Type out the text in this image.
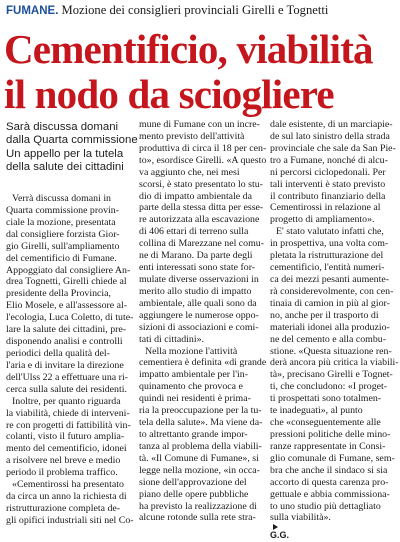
FUMANE. Mozione dei consiglieri provinciali Girelli e Tognetti
Cementificio, viabilità
il nodo da sciogliere
Sarà discussa domani
dalla Quarta commissione
Un appello per la tutela
della salute dei cittadini
Verrà discussa domani in
Quarta commissione provin-
ciale la mozione, presentata
dal consigliere forzista Gior-
gio Girelli, sull'ampliamento
del cementificio di Fumane.
Appoggiato dal consigliere An-
drea Tognetti, Girelli chiede al
presidente della Provincia,
Elio Mosele, e all'assessore al-
l'ecologia, Luca Coletto, di tute-
lare la salute dei cittadini, pre-
disponendo analisi e controlli
periodici della qualità del-
l'aria e di invitare la direzione
dell'Ulss 22 a effettuare una ri-
cerca sulla salute dei residenti.
Inoltre, per quanto riguarda
la viabilità, chiede di interveni-
re con progetti di fattibilità vin-
colanti, visto il futuro amplia-
mento del cementificio, idonei
a risolvere nel breve e medio
periodo il problema traffico.
«Cementirossi ha presentato
da circa un anno la richiesta di
ristrutturazione completa de-
gli opifici industriali siti nel Co-
mune di Fumane con un incre-
mento previsto dell'attività
produttiva di circa il 18 per cen-
to», esordisce Girelli. «A questo
va aggiunto che, nei mesi
scorsi, è stato presentato lo stu-
dio di impatto ambientale da
parte della stessa ditta per esse-
re autorizzata alla escavazione
di 406 ettari di terreno sulla
collina di Marezzane nel comu-
ne di Marano. Da parte degli
enti interessati sono state for-
mulate diverse osservazioni in
merito allo studio di impatto
ambientale, alle quali sono da
aggiungere le numerose oppo-
sizioni di associazioni e comi-
tati di cittadini».
Nella mozione l'attività
cementiera è definita «di grande
impatto ambientale per l'in-
quinamento che provoca e
quindi nei residenti è prima-
ria la preoccupazione per la tu-
tela della salute». Ma viene da-
to altrettanto grande impor-
tanza al problema della viabili-
tà. «Il Comune di Fumane», si
legge nella mozione, «in occa-
sione dell'approvazione del
piano delle opere pubbliche
ha previsto la realizzazione di
alcune rotonde sulla rete stra-
dale esistente, di un marciapie-
de sul lato sinistro della strada
provinciale che sale da San Pie-
tro a Fumane, nonché di alcu-
ni percorsi ciclopedonali. Per
tali interventi è stato previsto
il contributo finanziario della
Cementirossi in relazione al
progetto di ampliamento».
E' stato valutato infatti che,
in prospettiva, una volta com-
pletata la ristrutturazione del
cementificio, l'entità numeri-
ca dei mezzi pesanti aumente-
rà considerevolmente, con cen-
tinaia di camion in più al gior-
no, anche per il trasporto di
materiali idonei alla produzio-
ne del cemento e alla combu-
stione. «Questa situazione ren-
derà ancora più critica la viabili-
tà», precisano Girelli e Tognet-
ti, che concludono: «I proget-
ti prospettati sono totalmen-
te inadeguati», al punto
che «conseguentemente alle
pressioni politiche delle mino-
ranze rappresentate in Consi-
glio comunale di Fumane, sem-
bra che anche il sindaco si sia
accorto di questa carenza pro-
gettuale e abbia commissiona-
to uno studio più dettagliato
sulla viabilità».
G.G.
